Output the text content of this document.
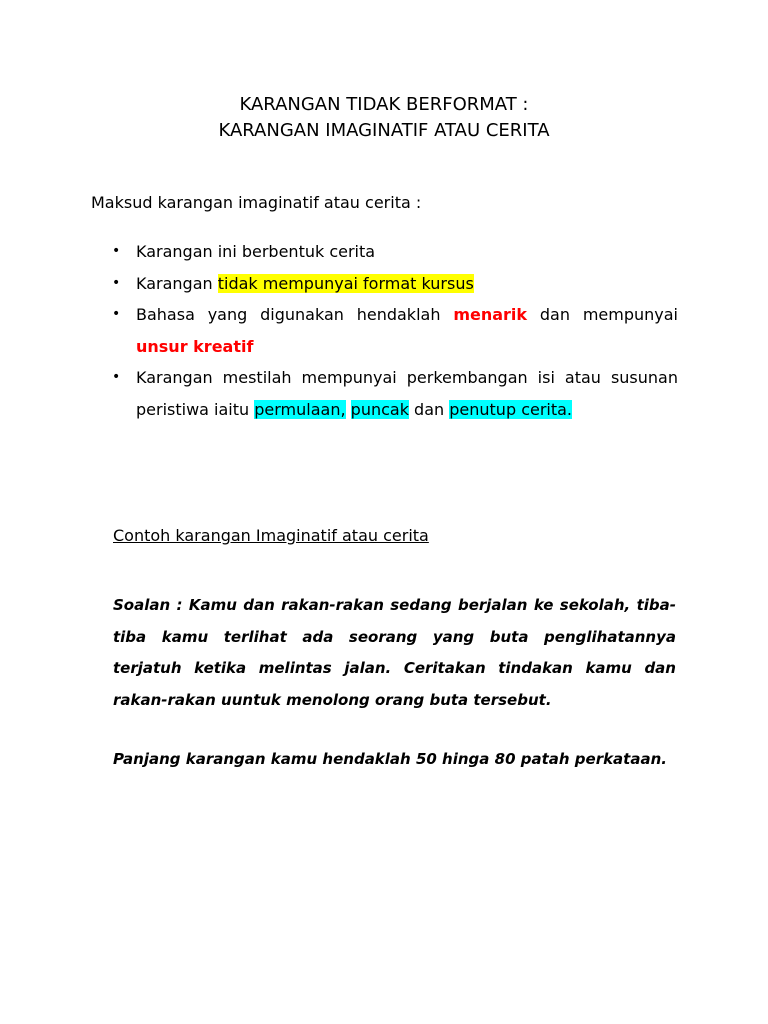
KARANGAN TIDAK BERFORMAT :
KARANGAN IMAGINATIF ATAU CERITA
Maksud karangan imaginatif atau cerita :
• Karangan ini berbentuk cerita
• Karangan tidak mempunyai format kursus
• Bahasa yang digunakan hendaklah menarik dan mempunyai unsur kreatif
• Karangan mestilah mempunyai perkembangan isi atau susunan peristiwa iaitu permulaan, puncak dan penutup cerita.
Contoh karangan Imaginatif atau cerita

Soalan : Kamu dan rakan-rakan sedang berjalan ke sekolah, tiba-tiba kamu terlihat ada seorang yang buta penglihatannya terjatuh ketika melintas jalan. Ceritakan tindakan kamu dan rakan-rakan uuntuk menolong orang buta tersebut.

Panjang karangan kamu hendaklah 50 hinga 80 patah perkataan.
